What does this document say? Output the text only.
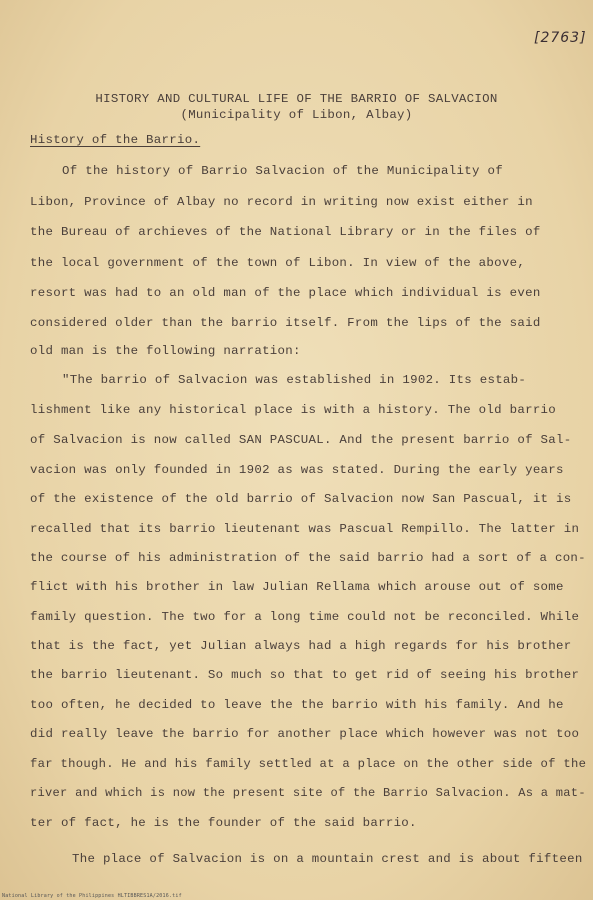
[2763]
HISTORY AND CULTURAL LIFE OF THE BARRIO OF SALVACION
(Municipality of Libon, Albay)
History of the Barrio.
Of the history of Barrio Salvacion of the Municipality of
Libon, Province of Albay no record in writing now exist either in
the Bureau of archieves of the National Library or in the files of
the local government of the town of Libon. In view of the above,
resort was had to an old man of the place which individual is even
considered older than the barrio itself. From the lips of the said
old man is the following narration:
"The barrio of Salvacion was established in 1902. Its estab-
lishment like any historical place is with a history. The old barrio
of Salvacion is now called SAN PASCUAL. And the present barrio of Sal-
vacion was only founded in 1902 as was stated. During the early years
of the existence of the old barrio of Salvacion now San Pascual, it is
recalled that its barrio lieutenant was Pascual Rempillo. The latter in
the course of his administration of the said barrio had a sort of a con-
flict with his brother in law Julian Rellama which arouse out of some
family question. The two for a long time could not be reconciled. While
that is the fact, yet Julian always had a high regards for his brother
the barrio lieutenant. So much so that to get rid of seeing his brother
too often, he decided to leave the the barrio with his family. And he
did really leave the barrio for another place which however was not too
far though. He and his family settled at a place on the other side of the
river and which is now the present site of the Barrio Salvacion. As a mat-
ter of fact, he is the founder of the said barrio.
The place of Salvacion is on a mountain crest and is about fifteen
National Library of the Philippines HLTIBBRES1A/2016.tif
